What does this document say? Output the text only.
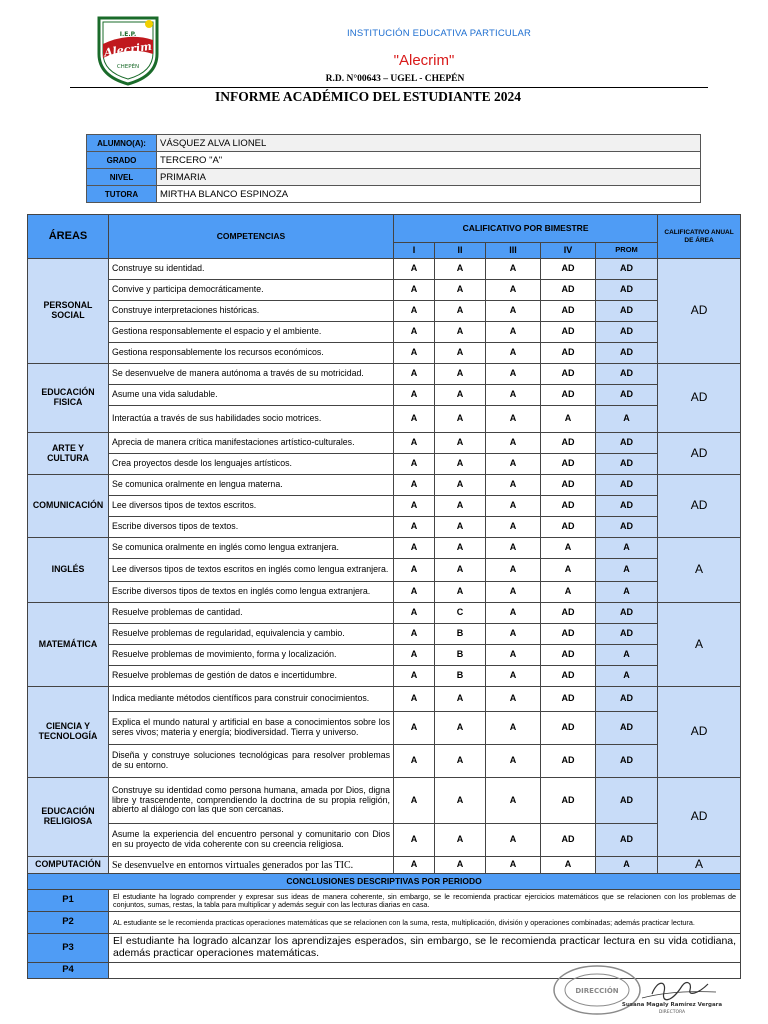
I.E.P.
Alecrim
CHEPÉN
INSTITUCIÓN EDUCATIVA PARTICULAR
"Alecrim"
R.D. N°00643 – UGEL - CHEPÉN
INFORME ACADÉMICO DEL ESTUDIANTE 2024
ALUMNO(A):	VÁSQUEZ ALVA LIONEL
GRADO	TERCERO "A"
NIVEL	PRIMARIA
TUTORA	MIRTHA BLANCO ESPINOZA
ÁREAS	COMPETENCIAS	CALIFICATIVO POR BIMESTRE					CALIFICATIVO ANUAL DE ÁREA
		I	II	III	IV	PROM	
PERSONAL SOCIAL	Construye su identidad.	A	A	A	AD	AD	AD
	Convive y participa democráticamente.	A	A	A	AD	AD	
	Construye interpretaciones históricas.	A	A	A	AD	AD	
	Gestiona responsablemente el espacio y el ambiente.	A	A	A	AD	AD	
	Gestiona responsablemente los recursos económicos.	A	A	A	AD	AD	
EDUCACIÓN FISICA	Se desenvuelve de manera autónoma a través de su motricidad.	A	A	A	AD	AD	AD
	Asume una vida saludable.	A	A	A	AD	AD	
	Interactúa a través de sus habilidades socio motrices.	A	A	A	A	A	
ARTE Y CULTURA	Aprecia de manera crítica manifestaciones artístico-culturales.	A	A	A	AD	AD	AD
	Crea proyectos desde los lenguajes artísticos.	A	A	A	AD	AD	
COMUNICACIÓN	Se comunica oralmente en lengua materna.	A	A	A	AD	AD	AD
	Lee diversos tipos de textos escritos.	A	A	A	AD	AD	
	Escribe diversos tipos de textos.	A	A	A	AD	AD	
INGLÉS	Se comunica oralmente en inglés como lengua extranjera.	A	A	A	A	A	A
	Lee diversos tipos de textos escritos en inglés como lengua extranjera.	A	A	A	A	A	
	Escribe diversos tipos de textos en inglés como lengua extranjera.	A	A	A	A	A	
MATEMÁTICA	Resuelve problemas de cantidad.	A	C	A	AD	AD	A
	Resuelve problemas de regularidad, equivalencia y cambio.	A	B	A	AD	AD	
	Resuelve problemas de movimiento, forma y localización.	A	B	A	AD	A	
	Resuelve problemas de gestión de datos e incertidumbre.	A	B	A	AD	A	
CIENCIA Y TECNOLOGÍA	Indica mediante métodos científicos para construir conocimientos.	A	A	A	AD	AD	AD
	Explica el mundo natural y artificial en base a conocimientos sobre los seres vivos; materia y energía; biodiversidad. Tierra y universo.	A	A	A	AD	AD	
	Diseña y construye soluciones tecnológicas para resolver problemas de su entorno.	A	A	A	AD	AD	
EDUCACIÓN RELIGIOSA	Construye su identidad como persona humana, amada por Dios, digna libre y trascendente, comprendiendo la doctrina de su propia religión, abierto al diálogo con las que son cercanas.	A	A	A	AD	AD	AD
	Asume la experiencia del encuentro personal y comunitario con Dios en su proyecto de vida coherente con su creencia religiosa.	A	A	A	AD	AD	
COMPUTACIÓN	Se desenvuelve en entornos virtuales generados por las TIC.	A	A	A	A	A	A
CONCLUSIONES DESCRIPTIVAS POR PERIODO							
P1	El estudiante ha logrado comprender y expresar sus ideas de manera coherente, sin embargo, se le recomienda practicar ejercicios matemáticos que se relacionen con los problemas de conjuntos, sumas, restas, la tabla para multiplicar y además seguir con las lecturas diarias en casa.						
P2	AL estudiante se le recomienda practicas operaciones matemáticas que se relacionen con la suma, resta, multiplicación, división y operaciones combinadas; además practicar lectura.						
P3	El estudiante ha logrado alcanzar los aprendizajes esperados, sin embargo, se le recomienda practicar lectura en su vida cotidiana, además practicar operaciones matemáticas.						
P4							
DIRECCIÓN
Susana Magaly Ramírez Vergara
DIRECTORA
